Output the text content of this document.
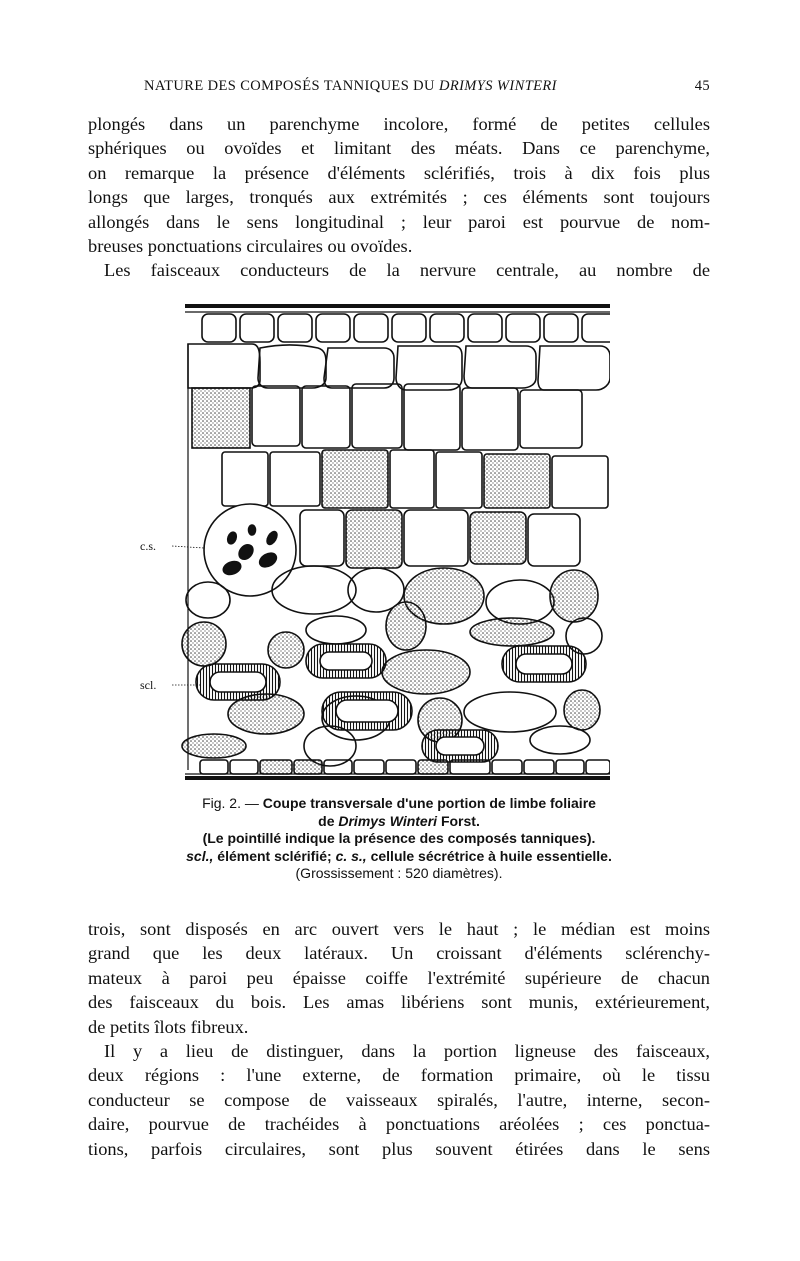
NATURE DES COMPOSÉS TANNIQUES DU DRIMYS WINTERI	45
plongés dans un parenchyme incolore, formé de petites cellules
sphériques ou ovoïdes et limitant des méats. Dans ce parenchyme,
on remarque la présence d'éléments sclérifiés, trois à dix fois plus
longs que larges, tronqués aux extrémités ; ces éléments sont toujours
allongés dans le sens longitudinal ; leur paroi est pourvue de nom-
breuses ponctuations circulaires ou ovoïdes.
Les faisceaux conducteurs de la nervure centrale, au nombre de
c.s.
scl.
Fig. 2. — Coupe transversale d'une portion de limbe foliaire
de Drimys Winteri Forst.
(Le pointillé indique la présence des composés tanniques).
scl., élément sclérifié; c. s., cellule sécrétrice à huile essentielle.
(Grossissement : 520 diamètres).
trois, sont disposés en arc ouvert vers le haut ; le médian est moins
grand que les deux latéraux. Un croissant d'éléments sclérenchy-
mateux à paroi peu épaisse coiffe l'extrémité supérieure de chacun
des faisceaux du bois. Les amas libériens sont munis, extérieurement,
de petits îlots fibreux.
Il y a lieu de distinguer, dans la portion ligneuse des faisceaux,
deux régions : l'une externe, de formation primaire, où le tissu
conducteur se compose de vaisseaux spiralés, l'autre, interne, secon-
daire, pourvue de trachéides à ponctuations aréolées ; ces ponctua-
tions, parfois circulaires, sont plus souvent étirées dans le sens
